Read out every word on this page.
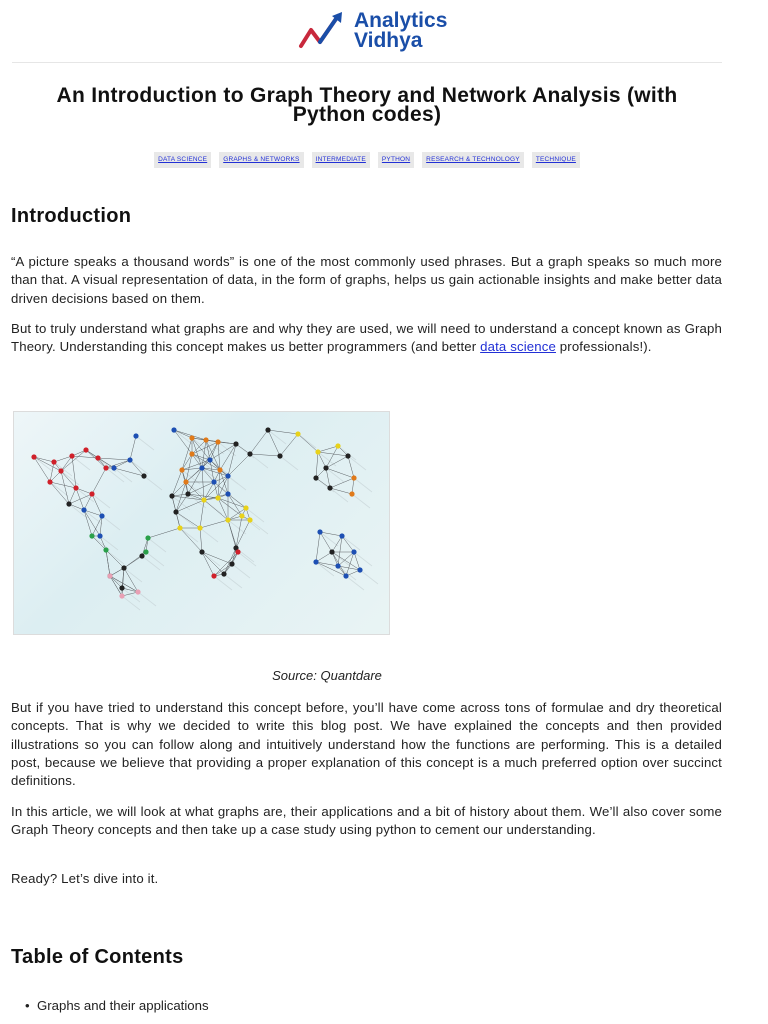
Analytics
Vidhya
An Introduction to Graph Theory and Network Analysis (with Python codes)
DATA SCIENCE	GRAPHS & NETWORKS	INTERMEDIATE	PYTHON	RESEARCH & TECHNOLOGY	TECHNIQUE
Introduction

“A picture speaks a thousand words” is one of the most commonly used phrases. But a graph speaks so much more than that. A visual representation of data, in the form of graphs, helps us gain actionable insights and make better data driven decisions based on them.

But to truly understand what graphs are and why they are used, we will need to understand a concept known as Graph Theory. Understanding this concept makes us better programmers (and better data science professionals!).

Source: Quantdare

But if you have tried to understand this concept before, you’ll have come across tons of formulae and dry theoretical concepts. That is why we decided to write this blog post. We have explained the concepts and then provided illustrations so you can follow along and intuitively understand how the functions are performing. This is a detailed post, because we believe that providing a proper explanation of this concept is a much preferred option over succinct definitions.

In this article, we will look at what graphs are, their applications and a bit of history about them. We’ll also cover some Graph Theory concepts and then take up a case study using python to cement our understanding.

Ready? Let’s dive into it.

Table of Contents
• Graphs and their applications
